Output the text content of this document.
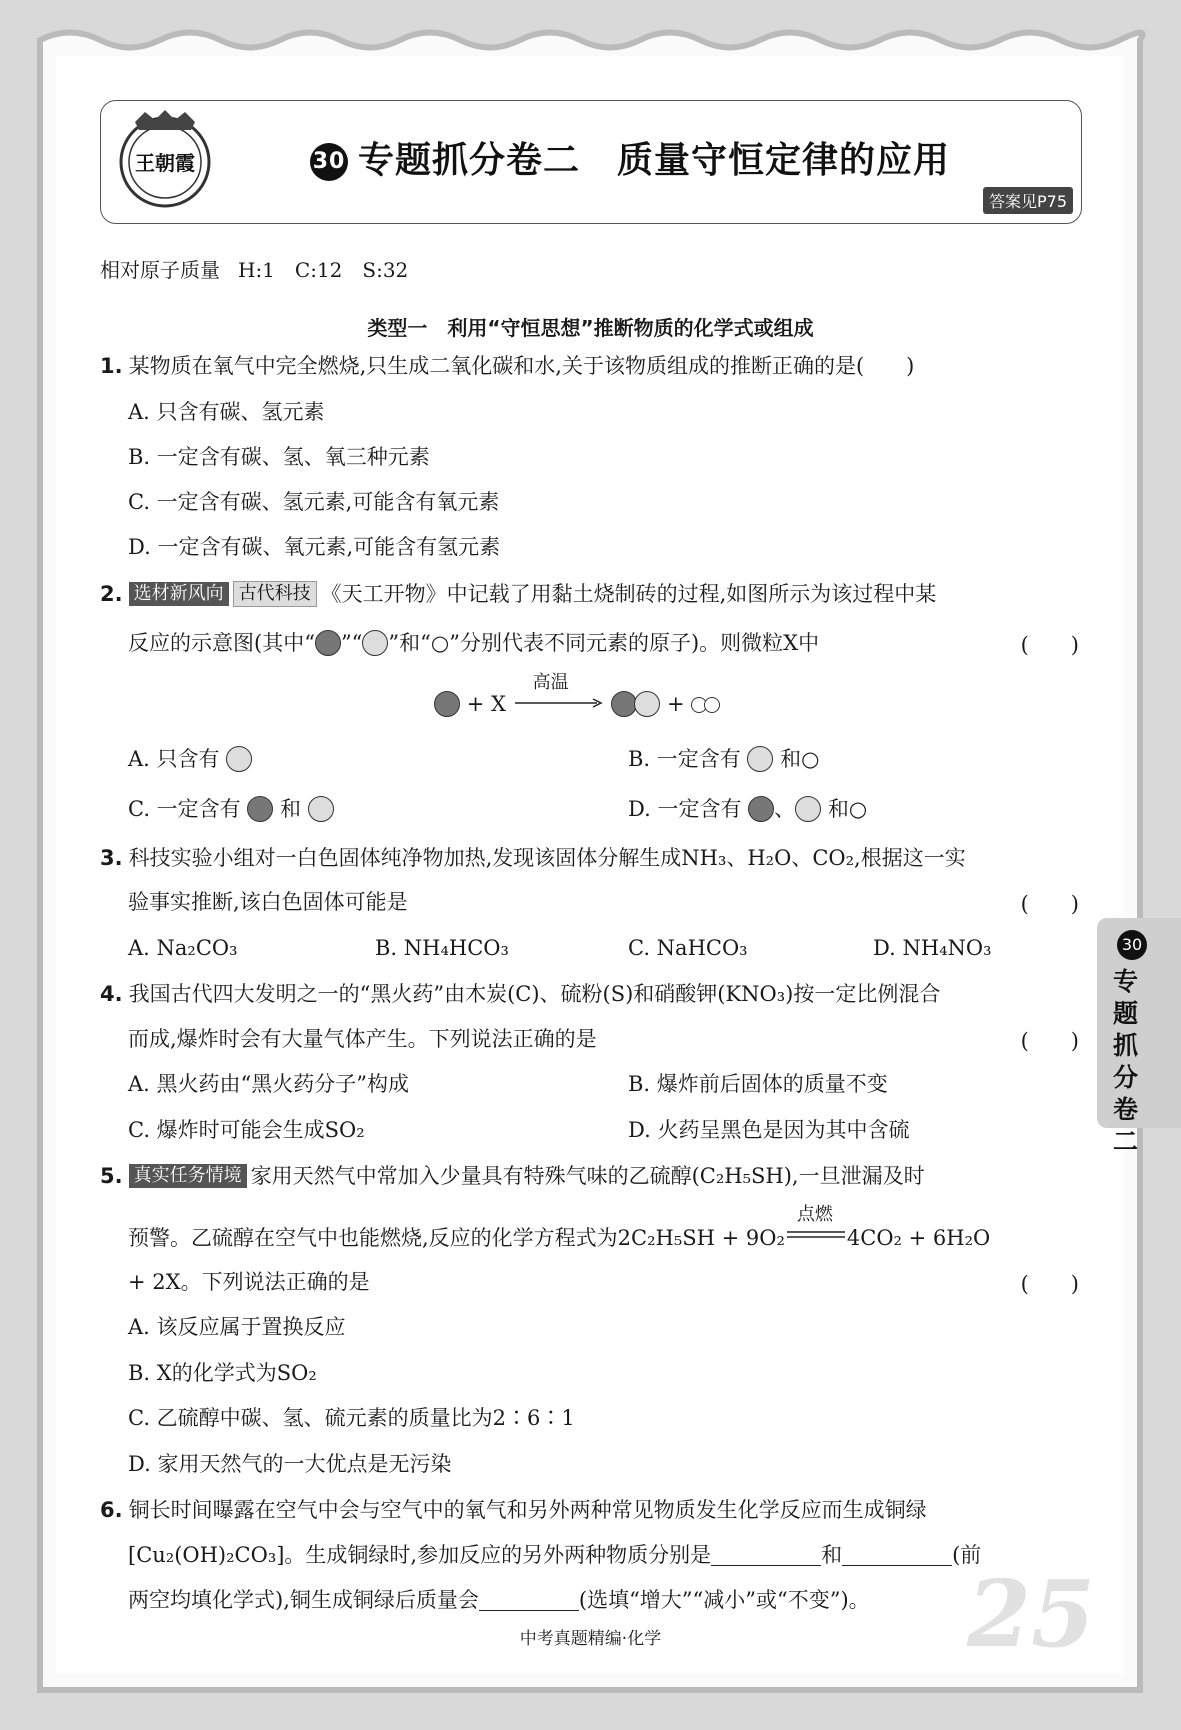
王朝霞	30 专题抓分卷二　质量守恒定律的应用
答案见P75
相对原子质量 H:1　C:12　S:32
类型一　利用“守恒思想”推断物质的化学式或组成
1. 某物质在氧气中完全燃烧,只生成二氧化碳和水,关于该物质组成的推断正确的是(　　)
A. 只含有碳、氢元素
B. 一定含有碳、氢、氧三种元素
C. 一定含有碳、氢元素,可能含有氧元素
D. 一定含有碳、氧元素,可能含有氢元素
2. 选材新风向 古代科技 《天工开物》中记载了用黏土烧制砖的过程,如图所示为该过程中某
反应的示意图(其中“ ”“ ”和“○”分别代表不同元素的原子)。则微粒X中	(　　)
+ X
高温
+
A. 只含有	B. 一定含有 和○
C. 一定含有 和	D. 一定含有 、 和○
3. 科技实验小组对一白色固体纯净物加热,发现该固体分解生成NH₃、H₂O、CO₂,根据这一实
验事实推断,该白色固体可能是	(　　)
A. Na₂CO₃	B. NH₄HCO₃	C. NaHCO₃	D. NH₄NO₃
4. 我国古代四大发明之一的“黑火药”由木炭(C)、硫粉(S)和硝酸钾(KNO₃)按一定比例混合
而成,爆炸时会有大量气体产生。下列说法正确的是	(　　)
A. 黑火药由“黑火药分子”构成	B. 爆炸前后固体的质量不变
C. 爆炸时可能会生成SO₂	D. 火药呈黑色是因为其中含硫
5. 真实任务情境 家用天然气中常加入少量具有特殊气味的乙硫醇(C₂H₅SH),一旦泄漏及时
预警。乙硫醇在空气中也能燃烧,反应的化学方程式为2C₂H₅SH + 9O₂
点燃
4CO₂ + 6H₂O
+ 2X。下列说法正确的是	(　　)
A. 该反应属于置换反应
B. X的化学式为SO₂
C. 乙硫醇中碳、氢、硫元素的质量比为2∶6∶1
D. 家用天然气的一大优点是无污染
6. 铜长时间曝露在空气中会与空气中的氧气和另外两种常见物质发生化学反应而生成铜绿
[Cu₂(OH)₂CO₃]。生成铜绿时,参加反应的另外两种物质分别是	和	(前
两空均填化学式),铜生成铜绿后质量会	(选填“增大”“减小”或“不变”)。
30
专题抓分卷二
25
中考真题精编·化学
